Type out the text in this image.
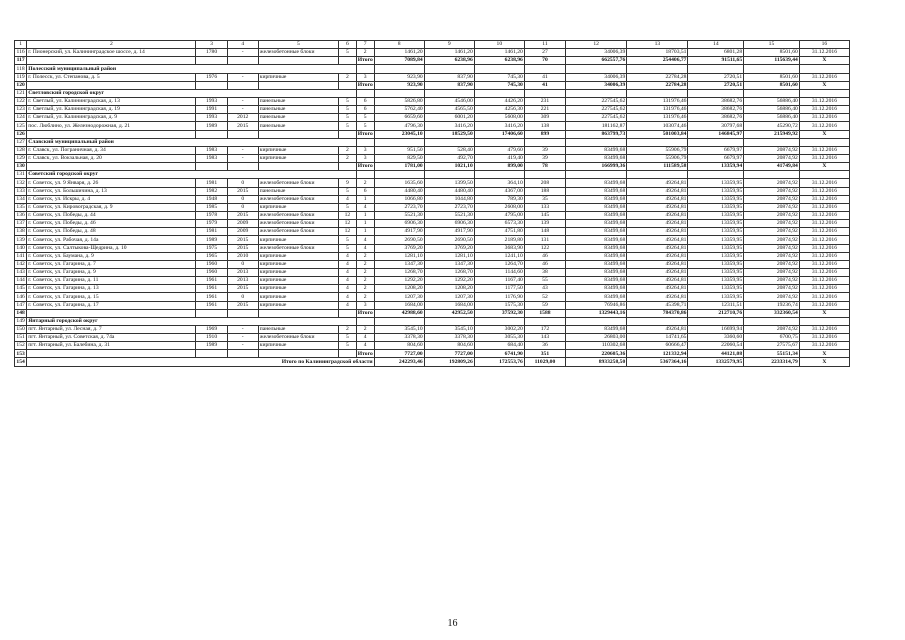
1	2	3	4	5	6	7	8	9	10	11	12	13	14	15	16
116	г. Пионерский, ул. Калининградское шоссе, д. 14	1780	-	железобетонные блоки	5	2	1461,20	1461,20	1461,20	27	34006,39	18703,51	6801,28	8501,60	31.12.2016
117						Итого	7089,84	6238,96	6238,96	70	662557,76	254406,77	91511,65	115639,44	Х
118	Полесский муниципальный район														
119	г. Полесск, ул. Степанова, д. 5	1976	-	кирпичные	2	3	923,90	837,90	745,30	41	34006,39	22784,28	2720,51	8501,60	31.12.2016
120						Итого	923,90	837,90	745,30	41	34006,39	22784,28	2720,51	8501,60	Х
121	Светловский городской округ														
122	г. Светлый, ул. Калининградская, д. 13	1993	-	панельные	5	6	5826,80	4546,00	4426,20	231	227545,62	131976,46	38682,76	56886,40	31.12.2016
123	г. Светлый, ул. Калининградская, д. 19	1991	-	панельные	5	6	5762,40	4565,50	4256,30	221	227545,62	131976,46	38682,76	56886,40	31.12.2016
124	г. Светлый, ул. Калининградская, д. 9	1993	2012	панельные	5	5	6659,60	6001,20	5608,00	309	227545,62	131976,46	38682,76	56886,40	31.12.2016
125	пос. Люблино, ул. Железнодорожная, д. 21	1989	2015	панельные	5	5	4796,30	3416,20	3416,20	138	181162,87	103074,46	30797,68	45290,72	31.12.2016
126						Итого	23045,10	18529,50	17406,60	899	863799,73	501003,84	146845,97	215949,92	Х
127	Славский муниципальный район														
128	г. Славск, ул. Пограничная, д. 34	1983	-	кирпичные	2	3	951,50	528,40	479,60	39	83499,68	55906,79	6679,97	20874,92	31.12.2016
129	г. Славск, ул. Вокзальная, д. 20	1983	-	кирпичные	2	3	829,50	492,70	419,40	39	83499,68	55906,79	6679,97	20874,92	31.12.2016
130						Итого	1781,00	1021,10	899,00	78	166999,36	111589,58	13359,94	41749,84	Х
131	Советский городской округ														
132	г. Советск, ул. 9 Января, д. 26	1981	0	железобетонные блоки	9	2	1635,60	1399,50	364,10	208	83499,68	49264,81	13359,95	20874,92	31.12.2016
133	г. Советск, ул. Большичина, д. 13	1982	2015	панельные	5	6	4480,40	4480,40	4367,00	188	83499,68	49264,81	13359,95	20874,92	31.12.2016
134	г. Советск, ул. Искры, д. 4	1948	0	железобетонные блоки	4	1	1066,80	1044,80	789,30	35	83499,68	49264,81	13359,95	20874,92	31.12.2016
135	г. Советск, ул. Кировоградская, д. 9	1985	0	кирпичные	5	4	2723,70	2723,70	2608,00	133	83499,68	49264,81	13359,95	20874,92	31.12.2016
136	г. Советск, ул. Победы, д. 44	1978	2015	железобетонные блоки	12	1	5521,30	5521,30	4795,00	145	83499,68	49264,81	13359,95	20874,92	31.12.2016
137	г. Советск, ул. Победы, д. 46	1979	2009	железобетонные блоки	12	1	6906,30	6906,30	6573,30	139	83499,68	49264,81	13359,95	20874,92	31.12.2016
138	г. Советск, ул. Победы, д. 48	1981	2009	железобетонные блоки	12	1	4917,90	4917,90	4751,80	148	83499,68	49264,81	13359,95	20874,92	31.12.2016
139	г. Советск, ул. Рабочая, д. 14а	1989	2015	кирпичные	5	4	2690,50	2690,50	2189,80	131	83499,68	49264,81	13359,95	20874,92	31.12.2016
140	г. Советск, ул. Салтыкова-Щедрина, д. 10	1975	2015	железобетонные блоки	5	4	3769,20	3769,20	3683,90	122	83499,68	49264,81	13359,95	20874,92	31.12.2016
141	г. Советск, ул. Баумана, д. 9	1965	2010	кирпичные	4	2	1281,10	1281,10	1241,10	46	83499,68	49264,81	13359,95	20874,92	31.12.2016
142	г. Советск, ул. Гагарина, д. 7	1960	0	кирпичные	4	2	1347,30	1347,30	1264,70	46	83499,68	49264,81	13359,95	20874,92	31.12.2016
143	г. Советск, ул. Гагарина, д. 9	1960	2013	кирпичные	4	2	1268,70	1268,70	1144,60	38	83499,68	49264,81	13359,95	20874,92	31.12.2016
144	г. Советск, ул. Гагарина, д. 11	1961	2013	кирпичные	4	2	1292,20	1292,20	1167,40	55	83499,68	49264,81	13359,95	20874,92	31.12.2016
145	г. Советск, ул. Гагарина, д. 13	1961	2015	кирпичные	4	2	1208,20	1208,20	1177,50	43	83499,68	49264,81	13359,95	20874,92	31.12.2016
146	г. Советск, ул. Гагарина, д. 15	1961	0	кирпичные	4	2	1207,30	1207,30	1176,90	52	83499,68	49264,81	13359,95	20874,92	31.12.2016
147	г. Советск, ул. Гагарина, д. 17	1961	2015	кирпичные	4	3	1684,00	1684,00	1575,30	59	76946,86	45398,71	12311,51	19236,74	31.12.2016
148						Итого	42988,60	42952,50	37592,30	1588	1329443,16	784370,86	212710,76	332360,54	Х
149	Янтарный городской округ														
150	пгт. Янтарный, ул. Лесная, д. 7	1969	-	панельные	2	2	3545,10	3545,10	3002,20	172	83499,68	49264,81	16699,94	20874,92	31.12.2016
151	пгт. Янтарный, ул. Советская, д. 74а	1910	-	железобетонные блоки	5	4	3378,30	3378,30	3055,30	143	26803,00	14741,65	3360,60	6700,75	31.12.2016
152	пгт. Янтарный, ул. Балебина, д. 31	1989	-	кирпичные	5	4	804,60	804,60	684,40	36	110302,68	60666,47	22060,54	27575,67	31.12.2016
153						Итого	7727,00	7727,00	6741,90	351	220605,36	121332,94	44121,08	55151,34	Х
154	Итого по Калининградской области						242293,46	192809,26	172553,76	11029,00	8933258,50	5367364,16	1332579,95	2233314,79	Х
16
